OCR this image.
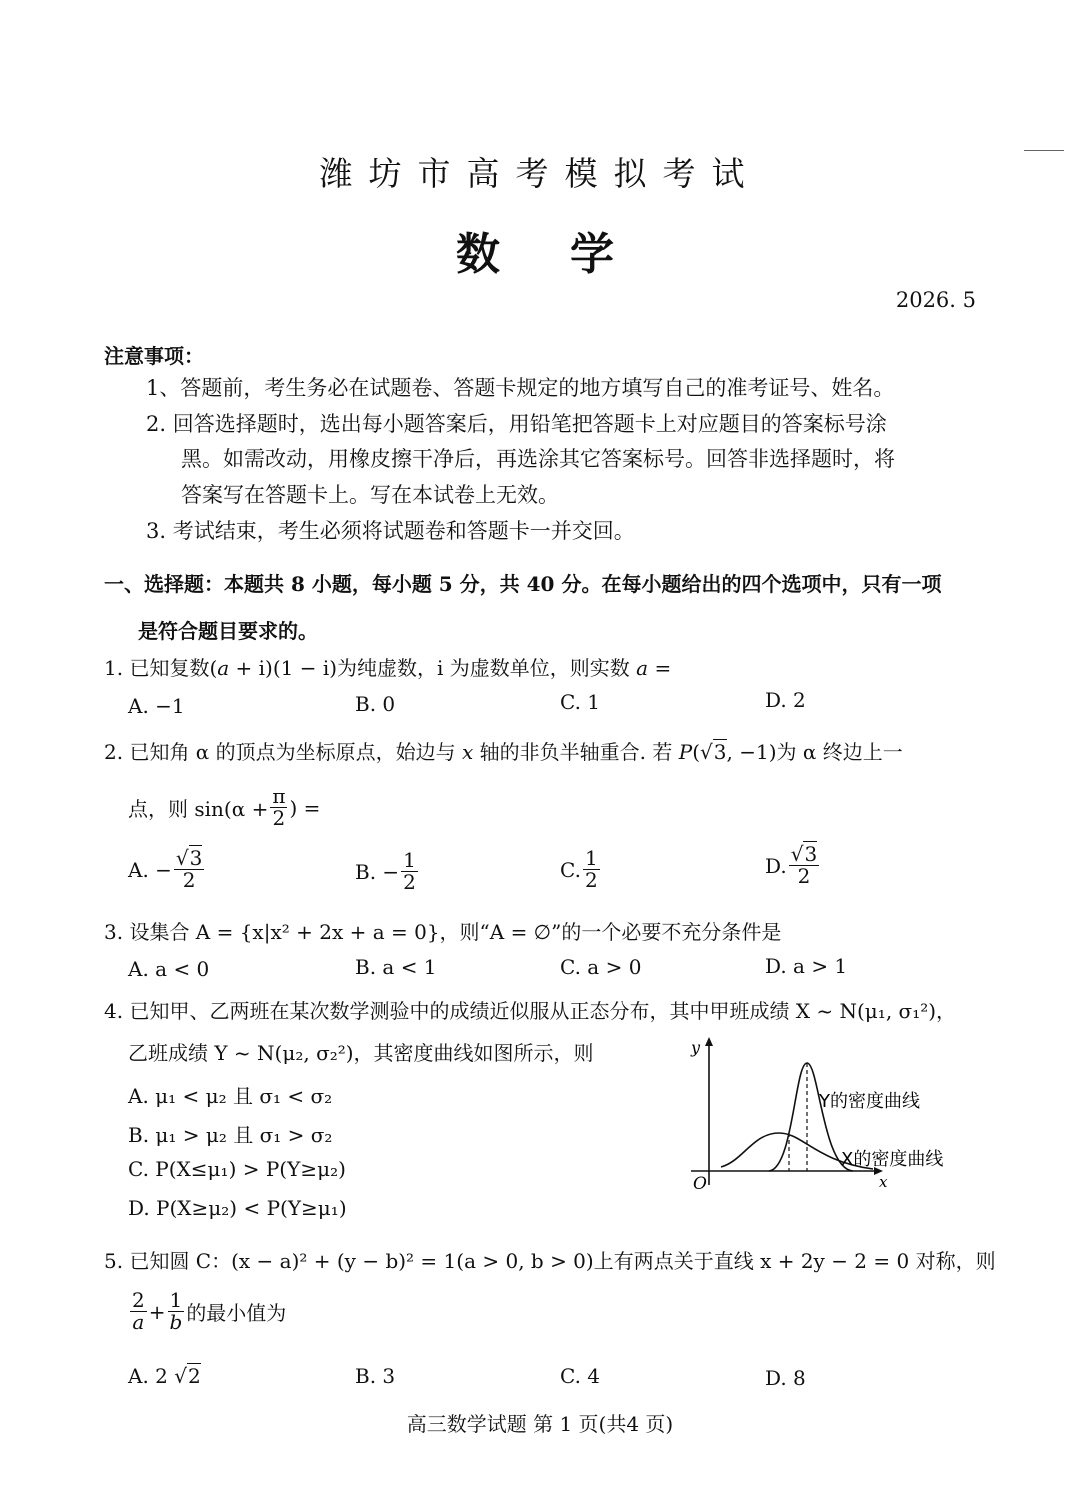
潍坊市高考模拟考试
数学
2026. 5
注意事项：
1、答题前，考生务必在试题卷、答题卡规定的地方填写自己的准考证号、姓名。
2. 回答选择题时，选出每小题答案后，用铅笔把答题卡上对应题目的答案标号涂
黑。如需改动，用橡皮擦干净后，再选涂其它答案标号。回答非选择题时，将
答案写在答题卡上。写在本试卷上无效。
3. 考试结束，考生必须将试题卷和答题卡一并交回。
一、选择题：本题共 8 小题，每小题 5 分，共 40 分。在每小题给出的四个选项中，只有一项
是符合题目要求的。
1. 已知复数(a + i)(1 − i)为纯虚数，i 为虚数单位，则实数 a =
A. −1	B. 0	C. 1	D. 2
2. 已知角 α 的顶点为坐标原点，始边与 x 轴的非负半轴重合. 若 P(√3, −1)为 α 终边上一
点，则 $\sin(\alpha + \frac{\pi}{2}$ ) =
A. − $\frac{√3}{2}$	B. − $\frac{1}{2}$	C. $\frac{1}{2}$	D. $\frac{√3}{2}$
3. 设集合 A = {x|x² + 2x + a = 0}，则“A = ∅”的一个必要不充分条件是
A. a < 0	B. a < 1	C. a > 0	D. a > 1
4. 已知甲、乙两班在某次数学测验中的成绩近似服从正态分布，其中甲班成绩 X ~ N(μ₁, σ₁²)，
乙班成绩 Y ~ N(μ₂, σ₂²)，其密度曲线如图所示，则
A. μ₁ < μ₂ 且 σ₁ < σ₂
B. μ₁ > μ₂ 且 σ₁ > σ₂
C. P(X≤μ₁) > P(Y≥μ₂)
D. P(X≥μ₂) < P(Y≥μ₁)
y
x
O
Y的密度曲线
X的密度曲线
5. 已知圆 C：(x − a)² + (y − b)² = 1(a > 0, b > 0)上有两点关于直线 x + 2y − 2 = 0 对称，则
$\frac{2}{a} + \frac{1}{b}$ 的最小值为
A. 2 √2	B. 3	C. 4	D. 8
高三数学试题 第 1 页(共4 页)
